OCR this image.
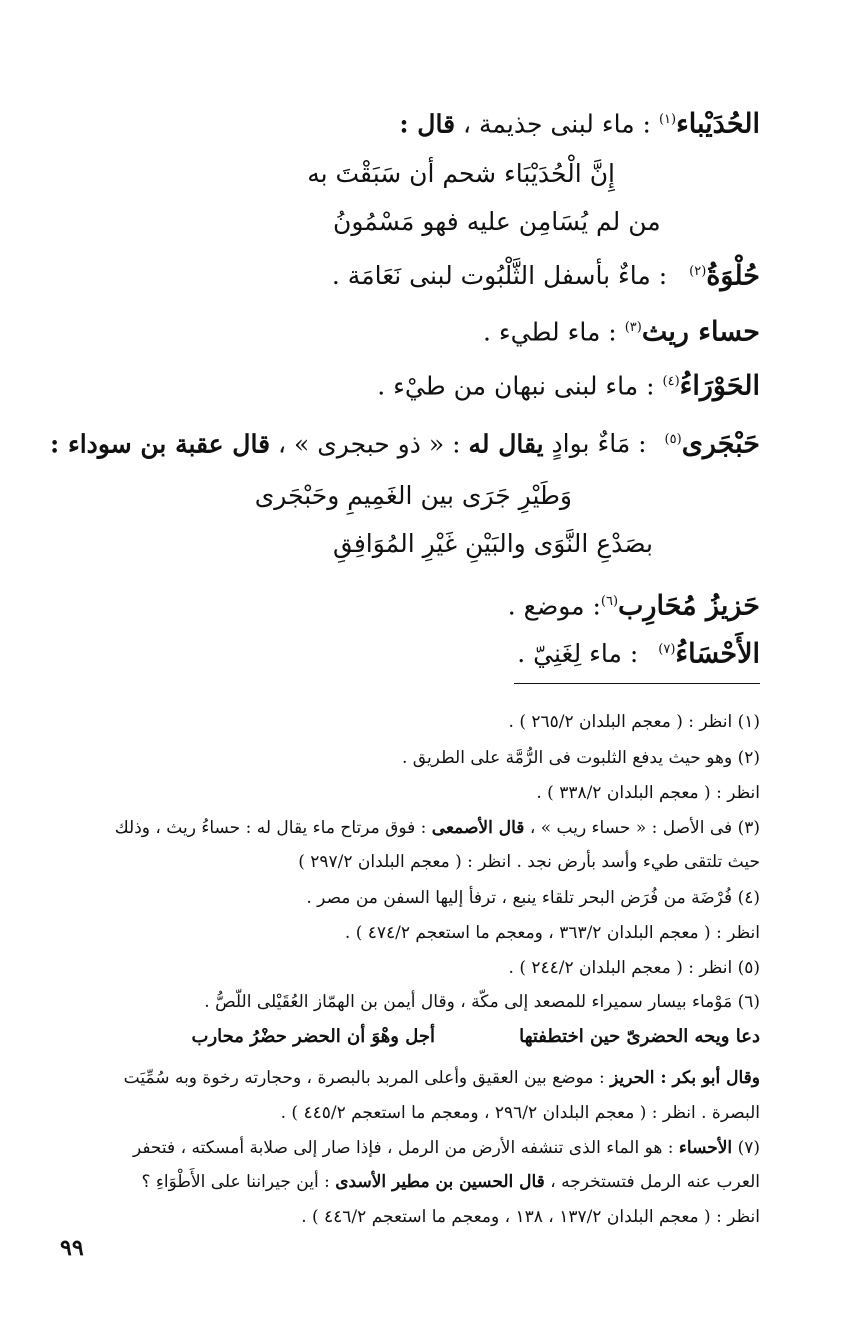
الحُدَيْباء$^{(١)}$ : ماء لبنى جذيمة ، قال :
إِنَّ الْحُدَيْبَاء شحم أن سَبَقْتَ به
من لم يُسَامِن عليه فهو مَسْمُونُ
حُلْوَةُ$^{(٢)}$ : ماءٌ بأسفل الثَّلْبُوت لبنى نَعَامَة .
حساء ريث$^{(٣)}$ : ماء لطيء .
الحَوْرَاءُ$^{(٤)}$ : ماء لبنى نبهان من طيْء .
حَبْجَرى$^{(٥)}$ : مَاءٌ بوادٍ يقال له : « ذو حبجرى » ، قال عقبة بن سوداء :
وَطَيْرِ جَرَى بين الغَمِيمِ وحَبْجَرى
بصَدْعِ النَّوَى والبَيْنِ غَيْرِ المُوَافِقِ
حَزيزُ مُحَارِب$^{(٦)}$: موضع .
الأَحْسَاءُ$^{(٧)}$ : ماء لِغَنِيّ .
(١) انظر : ( معجم البلدان ٢٦٥/٢ ) .
(٢) وهو حيث يدفع الثلبوت فى الرُّمَّة على الطريق .
انظر : ( معجم البلدان ٣٣٨/٢ ) .
(٣) فى الأصل : « حساء ريب » ، قال الأصمعى : فوق مرتاح ماء يقال له : حساءُ ريث ، وذلك
حيث تلتقى طيء وأسد بأرض نجد . انظر : ( معجم البلدان ٢٩٧/٢ )
(٤) فُرْضَة من فُرَض البحر تلقاء ينبع ، ترفأ إليها السفن من مصر .
انظر : ( معجم البلدان ٣٦٣/٢ ، ومعجم ما استعجم ٤٧٤/٢ ) .
(٥) انظر : ( معجم البلدان ٢٤٤/٢ ) .
(٦) مَوْماء بيسار سميراء للمصعد إلى مكّة ، وقال أيمن بن الهمّاز العُقَيْلى اللّصُّ .
دعا ويحه الحضرىّ حين اختطفتها
أجل وهْوَ أن الحضر حضْرُ محارب
وقال أبو بكر : الحريز : موضع بين العقيق وأعلى المربد بالبصرة ، وحجارته رخوة وبه سُمِّيَت
البصرة . انظر : ( معجم البلدان ٢٩٦/٢ ، ومعجم ما استعجم ٤٤٥/٢ ) .
(٧) الأحساء : هو الماء الذى تنشفه الأرض من الرمل ، فإذا صار إلى صلابة أمسكته ، فتحفر
العرب عنه الرمل فتستخرجه ، قال الحسين بن مطير الأسدى : أين جيراننا على الأَطْوَاءِ ؟
انظر : ( معجم البلدان ١٣٧/٢ ، ١٣٨ ، ومعجم ما استعجم ٤٤٦/٢ ) .
٩٩
